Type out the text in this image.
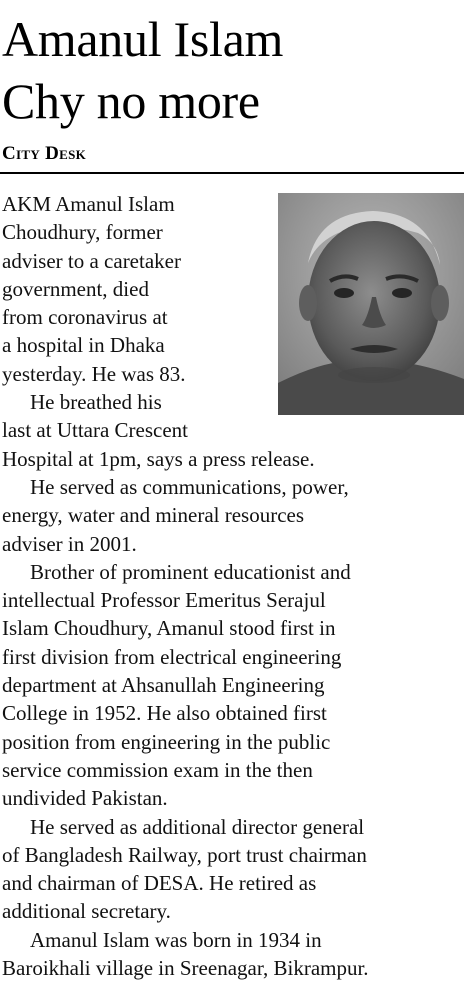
Amanul Islam
Chy no more
City Desk
AKM Amanul Islam
Choudhury, former
adviser to a caretaker
government, died
from coronavirus at
a hospital in Dhaka
yesterday. He was 83.
He breathed his
last at Uttara Crescent
Hospital at 1pm, says a press release.
He served as communications, power,
energy, water and mineral resources
adviser in 2001.
Brother of prominent educationist and
intellectual Professor Emeritus Serajul
Islam Choudhury, Amanul stood first in
first division from electrical engineering
department at Ahsanullah Engineering
College in 1952. He also obtained first
position from engineering in the public
service commission exam in the then
undivided Pakistan.
He served as additional director general
of Bangladesh Railway, port trust chairman
and chairman of DESA. He retired as
additional secretary.
Amanul Islam was born in 1934 in
Baroikhali village in Sreenagar, Bikrampur.
